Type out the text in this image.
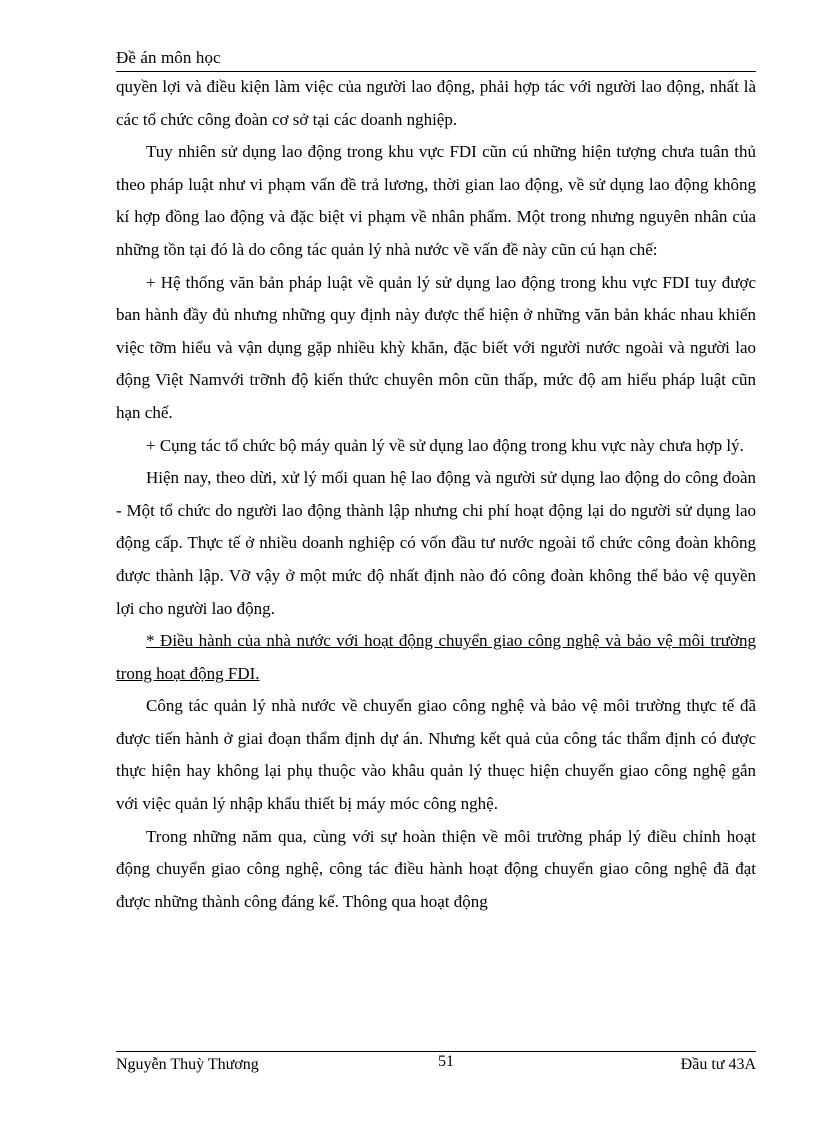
Đề án môn học

quyền lợi và điều kiện làm việc của người lao động, phải hợp tác với người lao động, nhất là các tổ chức công đoàn cơ sở tại các doanh nghiệp.

Tuy nhiên sử dụng lao động trong khu vực FDI cũn cú những hiện tượng chưa tuân thủ theo pháp luật như vi phạm vấn đề trả lương, thời gian lao động, về sử dụng lao động không kí hợp đồng lao động và đặc biệt vi phạm về nhân phẩm. Một trong nhưng nguyên nhân của những tồn tại đó là do công tác quản lý nhà nước về vấn đề này cũn cú hạn chế:

+ Hệ thống văn bản pháp luật về quản lý sử dụng lao động trong khu vực FDI tuy được ban hành đầy đủ nhưng những quy định này được thể hiện ở những văn bản khác nhau khiến việc tỡm hiểu và vận dụng gặp nhiều khỳ khăn, đặc biết với người nước ngoài và người lao động Việt Namvới trỡnh độ kiến thức chuyên môn cũn thấp, mức độ am hiểu pháp luật cũn hạn chế.

+ Cụng tác tổ chức bộ máy quản lý về sử dụng lao động trong khu vực này chưa hợp lý.

Hiện nay, theo dừi, xử lý mối quan hệ lao động và người sử dụng lao động do công đoàn - Một tổ chức do người lao động thành lập nhưng chi phí hoạt động lại do người sử dụng lao động cấp. Thực tế ở nhiều doanh nghiệp có vốn đầu tư nước ngoài tổ chức công đoàn không được thành lập. Vỡ vậy ở một mức độ nhất định nào đó công đoàn không thể bảo vệ quyền lợi cho người lao động.

* Điều hành của nhà nước với hoạt động chuyển giao công nghệ và bảo vệ môi trường trong hoạt động FDI.

Công tác quản lý nhà nước về chuyển giao công nghệ và bảo vệ môi trường thực tế đã được tiến hành ở giai đoạn thẩm định dự án. Nhưng kết quả của công tác thẩm định có được thực hiện hay không lại phụ thuộc vào khâu quản lý thuẹc hiện chuyển giao công nghệ gắn với việc quản lý nhập khẩu thiết bị máy móc công nghệ.

Trong những năm qua, cùng với sự hoàn thiện về môi trường pháp lý điều chỉnh hoạt động chuyển giao công nghệ, công tác điều hành hoạt động chuyển giao công nghệ đã đạt được những thành công đáng kể. Thông qua hoạt động

Nguyễn Thuỳ Thương	51	Đầu tư 43A
